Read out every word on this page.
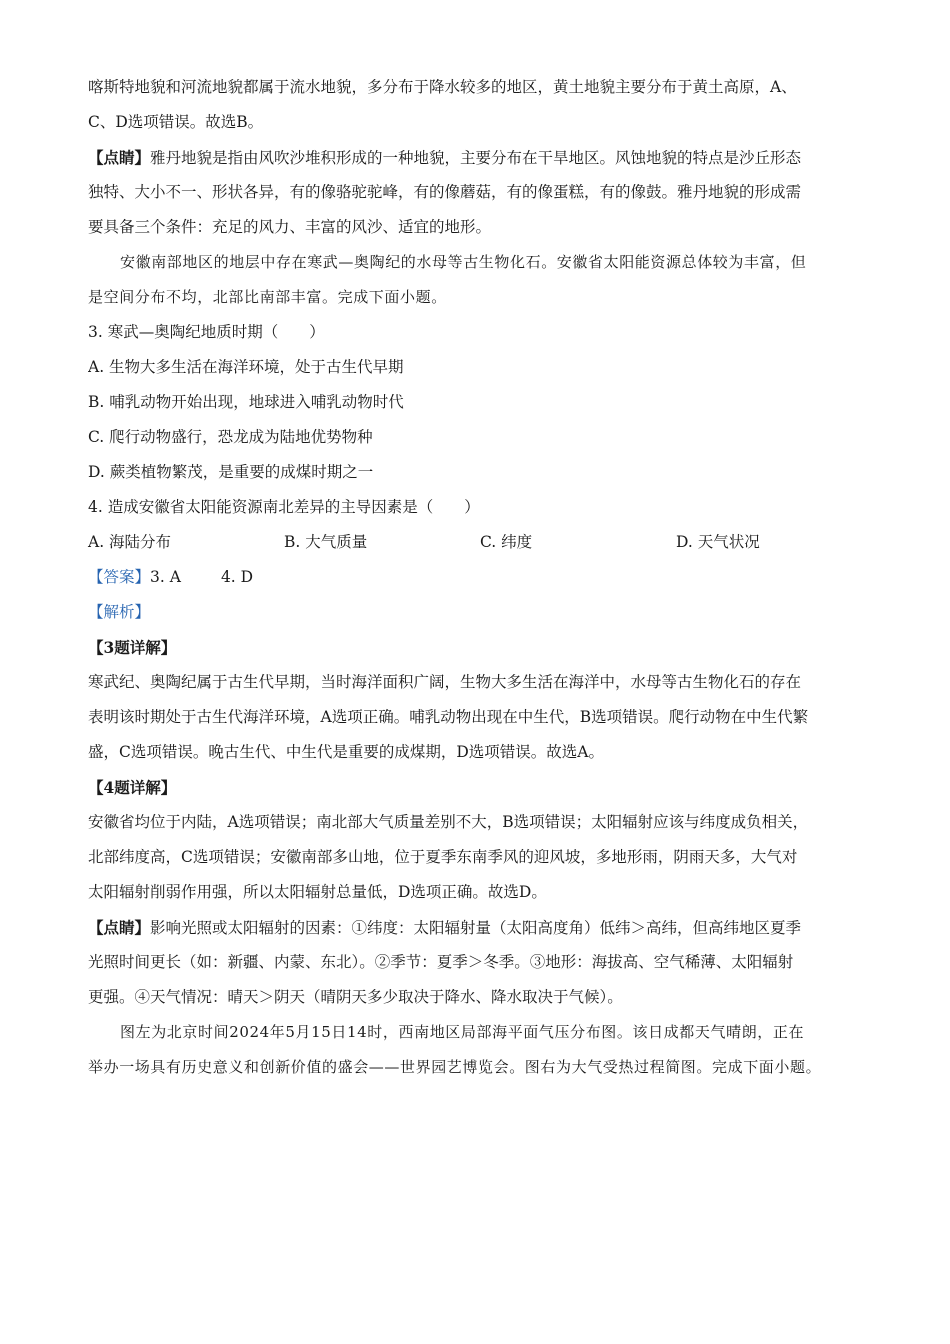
喀斯特地貌和河流地貌都属于流水地貌，多分布于降水较多的地区，黄土地貌主要分布于黄土高原，A、
C、D选项错误。故选B。
【点睛】雅丹地貌是指由风吹沙堆积形成的一种地貌，主要分布在干旱地区。风蚀地貌的特点是沙丘形态
独特、大小不一、形状各异，有的像骆驼驼峰，有的像蘑菇，有的像蛋糕，有的像鼓。雅丹地貌的形成需
要具备三个条件：充足的风力、丰富的风沙、适宜的地形。
安徽南部地区的地层中存在寒武—奥陶纪的水母等古生物化石。安徽省太阳能资源总体较为丰富，但
是空间分布不均，北部比南部丰富。完成下面小题。
3. 寒武—奥陶纪地质时期（　　）
A. 生物大多生活在海洋环境，处于古生代早期
B. 哺乳动物开始出现，地球进入哺乳动物时代
C. 爬行动物盛行，恐龙成为陆地优势物种
D. 蕨类植物繁茂，是重要的成煤时期之一
4. 造成安徽省太阳能资源南北差异的主导因素是（　　）
A. 海陆分布	B. 大气质量	C. 纬度	D. 天气状况
【答案】3. A	4. D
【解析】
【3题详解】
寒武纪、奥陶纪属于古生代早期，当时海洋面积广阔，生物大多生活在海洋中，水母等古生物化石的存在
表明该时期处于古生代海洋环境，A选项正确。哺乳动物出现在中生代，B选项错误。爬行动物在中生代繁
盛，C选项错误。晚古生代、中生代是重要的成煤期，D选项错误。故选A。
【4题详解】
安徽省均位于内陆，A选项错误；南北部大气质量差别不大，B选项错误；太阳辐射应该与纬度成负相关，
北部纬度高，C选项错误；安徽南部多山地，位于夏季东南季风的迎风坡，多地形雨，阴雨天多，大气对
太阳辐射削弱作用强，所以太阳辐射总量低，D选项正确。故选D。
【点睛】影响光照或太阳辐射的因素：①纬度：太阳辐射量（太阳高度角）低纬＞高纬，但高纬地区夏季
光照时间更长（如：新疆、内蒙、东北）。②季节：夏季＞冬季。③地形：海拔高、空气稀薄、太阳辐射
更强。④天气情况：晴天＞阴天（晴阴天多少取决于降水、降水取决于气候）。
图左为北京时间2024年5月15日14时，西南地区局部海平面气压分布图。该日成都天气晴朗，正在
举办一场具有历史意义和创新价值的盛会——世界园艺博览会。图右为大气受热过程简图。完成下面小题。
